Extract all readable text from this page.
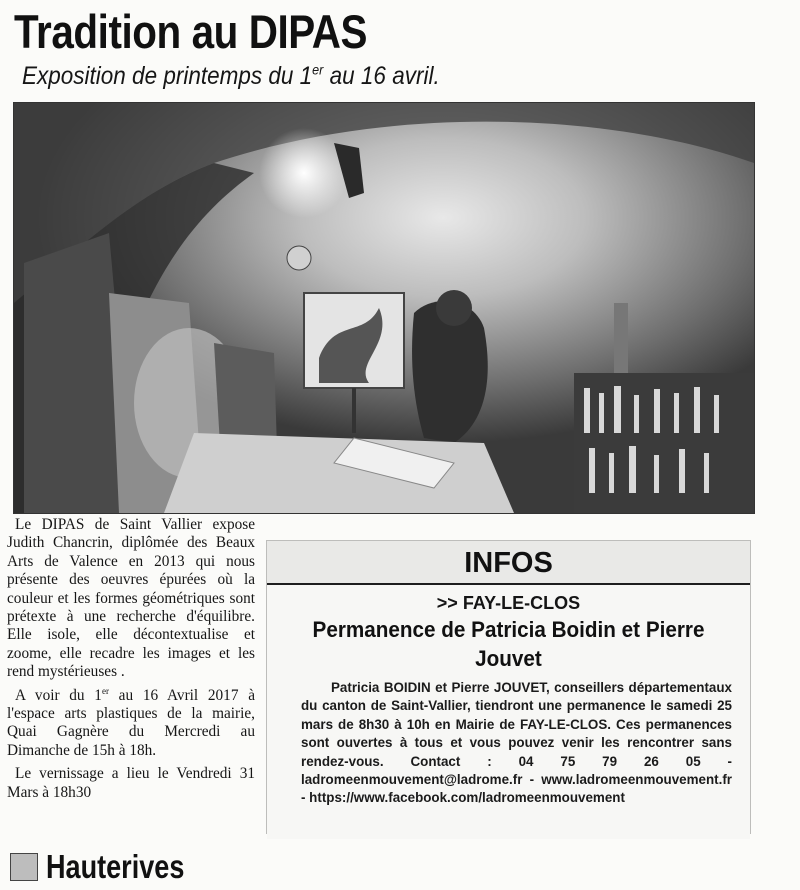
Tradition au DIPAS
Exposition de printemps du 1er au 16 avril.

Le DIPAS de Saint Vallier expose Judith Chancrin, diplômée des Beaux Arts de Valence en 2013 qui nous présente des oeuvres épurées où la couleur et les formes géométriques sont prétexte à une recherche d'équilibre. Elle isole, elle décontextualise et zoome, elle recadre les images et les rend mystérieuses .

A voir du 1er au 16 Avril 2017 à l'espace arts plastiques de la mairie, Quai Gagnère du Mercredi au Dimanche de 15h à 18h.

Le vernissage a lieu le Vendredi 31 Mars à 18h30

INFOS
>> FAY-LE-CLOS
Permanence de Patricia Boidin et Pierre Jouvet
Patricia BOIDIN et Pierre JOUVET, conseillers départementaux du canton de Saint-Vallier, tiendront une permanence le samedi 25 mars de 8h30 à 10h en Mairie de FAY-LE-CLOS. Ces permanences sont ouvertes à tous et vous pouvez venir les rencontrer sans rendez-vous. Contact : 04 75 79 26 05 - ladromeenmouvement@ladrome.fr - www.ladromeenmouvement.fr - https://www.facebook.com/ladromeenmouvement
Hauterives
